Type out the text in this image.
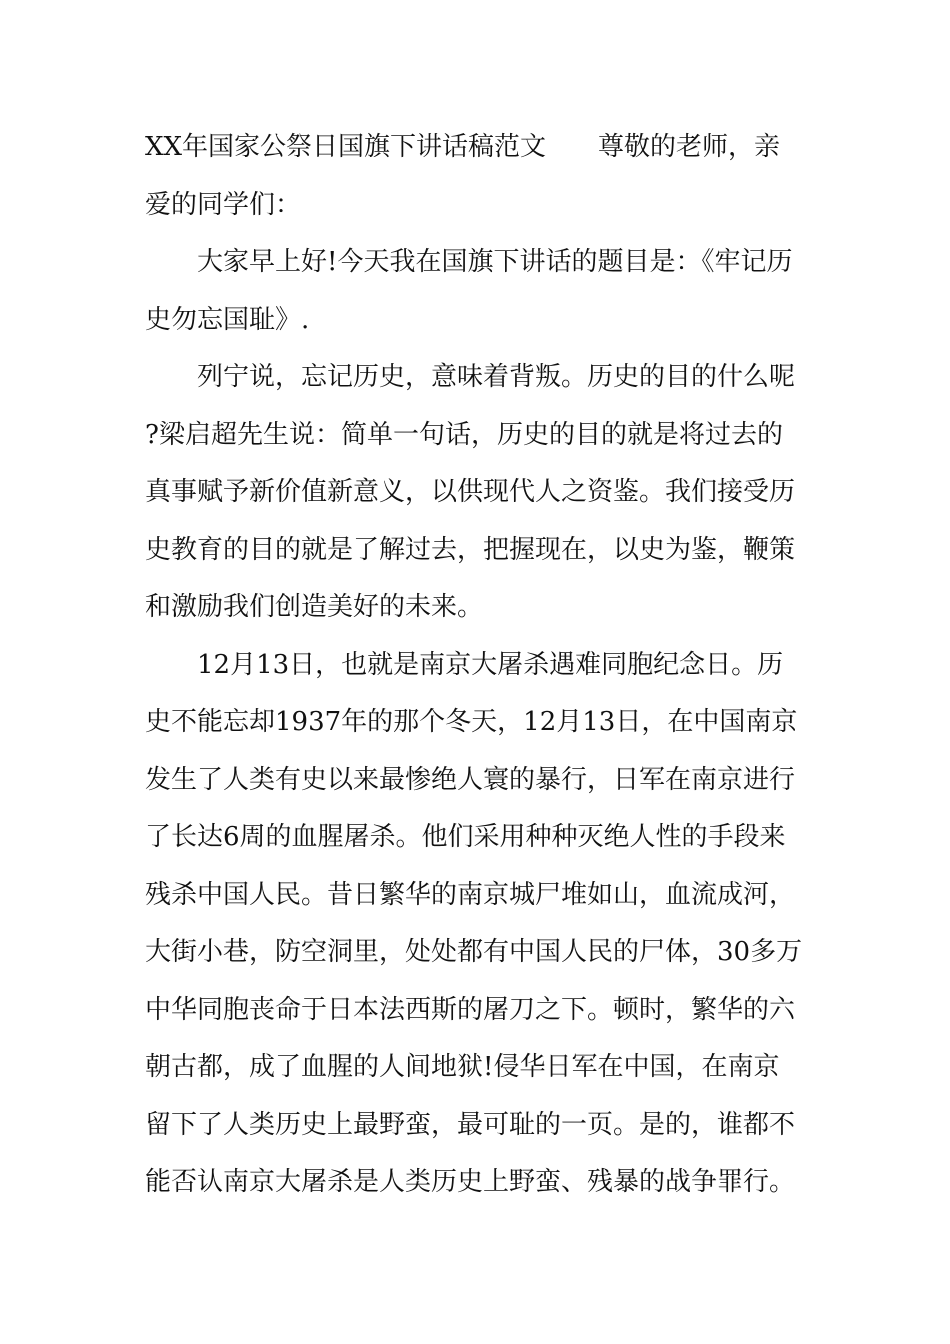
XX年国家公祭日国旗下讲话稿范文 尊敬的老师，亲爱的同学们：

大家早上好!今天我在国旗下讲话的题目是：《牢记历史勿忘国耻》.

列宁说，忘记历史，意味着背叛。历史的目的什么呢?梁启超先生说：简单一句话，历史的目的就是将过去的真事赋予新价值新意义，以供现代人之资鉴。我们接受历史教育的目的就是了解过去，把握现在，以史为鉴，鞭策和激励我们创造美好的未来。

12月13日，也就是南京大屠杀遇难同胞纪念日。历史不能忘却1937年的那个冬天，12月13日，在中国南京发生了人类有史以来最惨绝人寰的暴行，日军在南京进行了长达6周的血腥屠杀。他们采用种种灭绝人性的手段来残杀中国人民。昔日繁华的南京城尸堆如山，血流成河，大街小巷，防空洞里，处处都有中国人民的尸体，30多万中华同胞丧命于日本法西斯的屠刀之下。顿时，繁华的六朝古都，成了血腥的人间地狱!侵华日军在中国，在南京留下了人类历史上最野蛮，最可耻的一页。是的，谁都不能否认南京大屠杀是人类历史上野蛮、残暴的战争罪行。
